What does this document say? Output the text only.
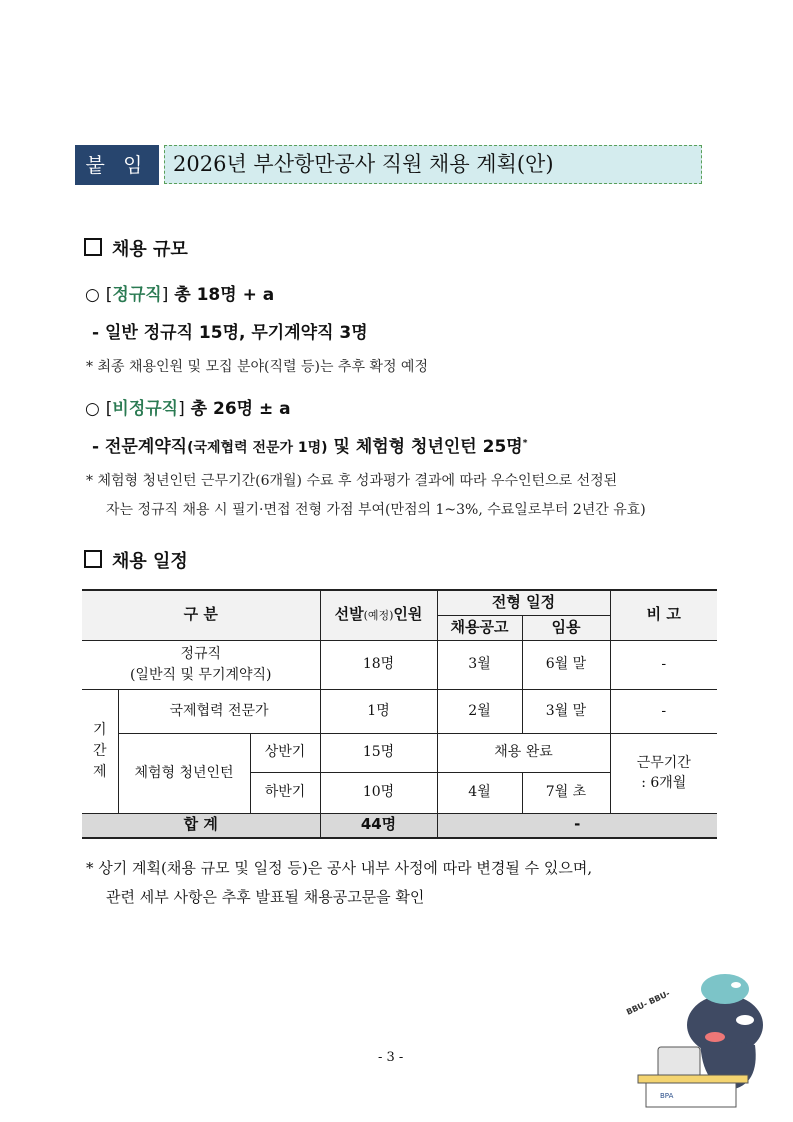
붙 임	2026년 부산항만공사 직원 채용 계획(안)
채용 규모
○ [정규직] 총 18명 + a
- 일반 정규직 15명, 무기계약직 3명
* 최종 채용인원 및 모집 분야(직렬 등)는 추후 확정 예정
○ [비정규직] 총 26명 ± a
- 전문계약직(국제협력 전문가 1명) 및 체험형 청년인턴 25명*
* 체험형 청년인턴 근무기간(6개월) 수료 후 성과평가 결과에 따라 우수인턴으로 선정된
자는 정규직 채용 시 필기·면접 전형 가점 부여(만점의 1~3%, 수료일로부터 2년간 유효)
채용 일정
구 분			선발(예정)인원	전형 일정		비 고
				채용공고	임용	

정규직
(일반직 및 무기계약직)			18명	3월	6월 말	-
기
간
제	국제협력 전문가		1명	2월	3월 말	-
	체험형 청년인턴	상반기	15명	채용 완료		근무기간
: 6개월

		하반기	10명	4월	7월 초	
합 계			44명	-		
* 상기 계획(채용 규모 및 일정 등)은 공사 내부 사정에 따라 변경될 수 있으며,
관련 세부 사항은 추후 발표될 채용공고문을 확인
BPA
BBU- BBU-
- 3 -
